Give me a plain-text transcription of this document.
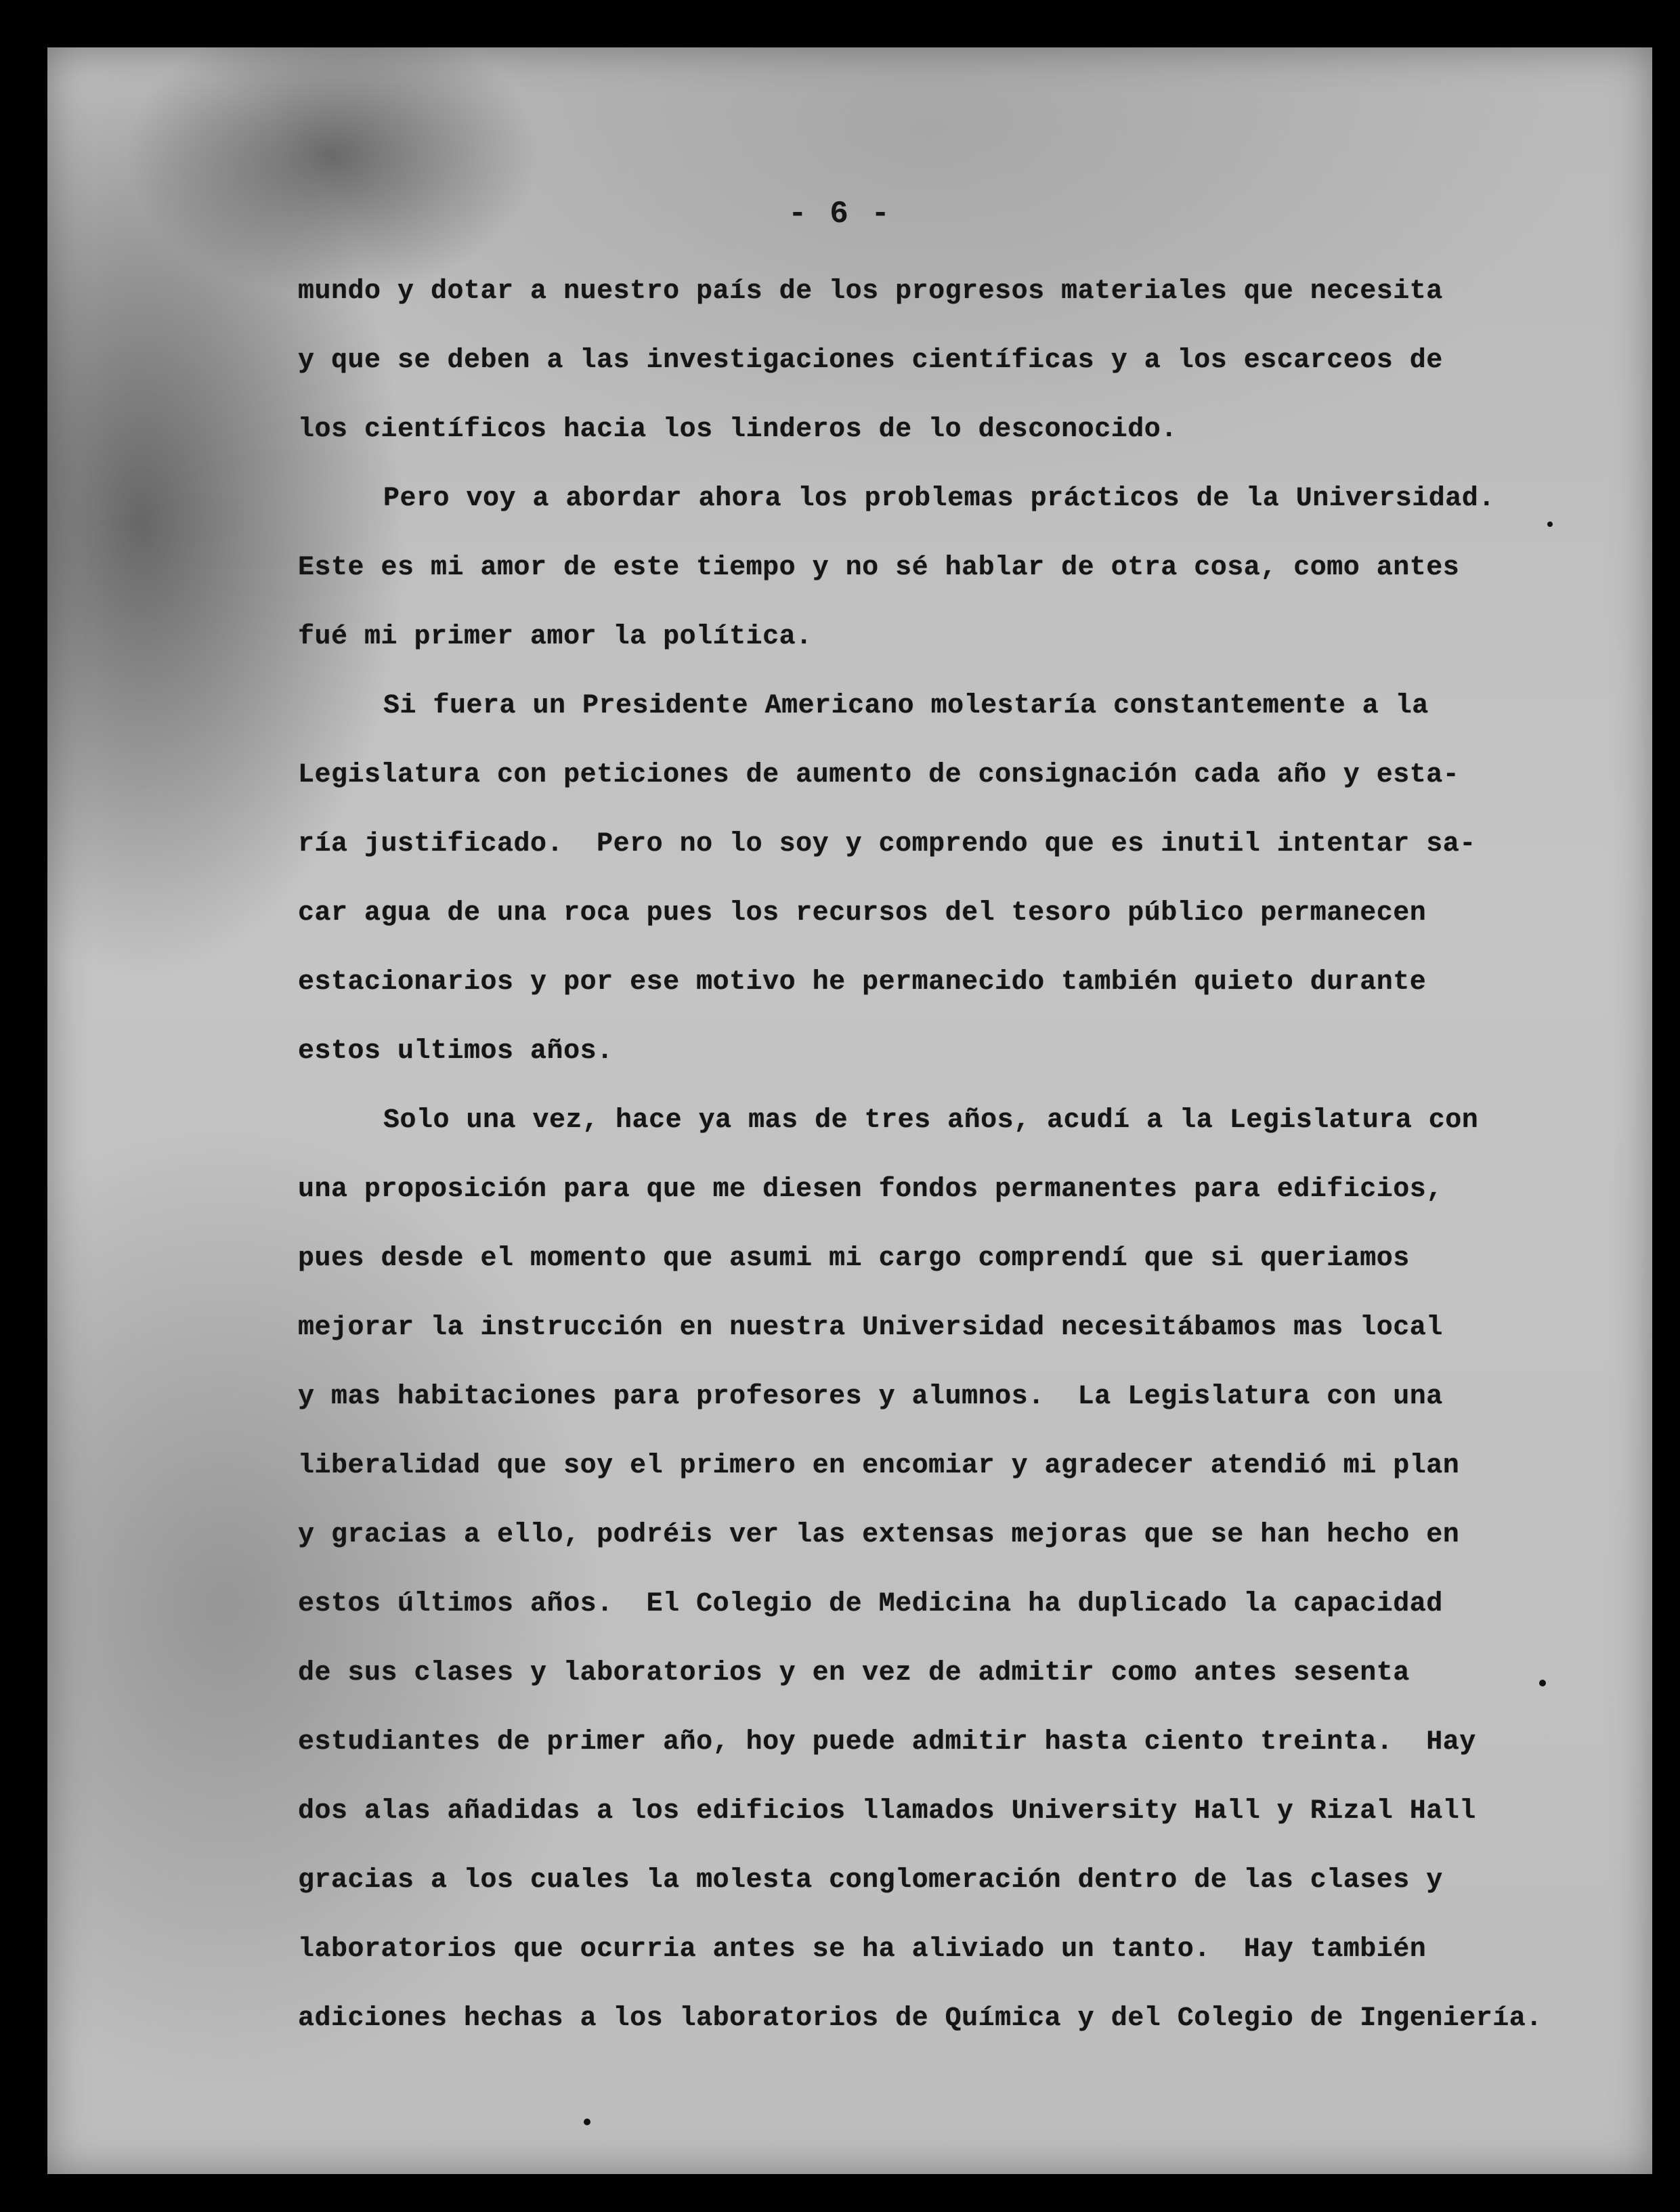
- 6 -
mundo y dotar a nuestro país de los progresos materiales que necesita
y que se deben a las investigaciones científicas y a los escarceos de
los científicos hacia los linderos de lo desconocido.
Pero voy a abordar ahora los problemas prácticos de la Universidad.
Este es mi amor de este tiempo y no sé hablar de otra cosa, como antes
fué mi primer amor la política.
Si fuera un Presidente Americano molestaría constantemente a la
Legislatura con peticiones de aumento de consignación cada año y esta-
ría justificado.  Pero no lo soy y comprendo que es inutil intentar sa-
car agua de una roca pues los recursos del tesoro público permanecen
estacionarios y por ese motivo he permanecido también quieto durante
estos ultimos años.
Solo una vez, hace ya mas de tres años, acudí a la Legislatura con
una proposición para que me diesen fondos permanentes para edificios,
pues desde el momento que asumi mi cargo comprendí que si queriamos
mejorar la instrucción en nuestra Universidad necesitábamos mas local
y mas habitaciones para profesores y alumnos.  La Legislatura con una
liberalidad que soy el primero en encomiar y agradecer atendió mi plan
y gracias a ello, podréis ver las extensas mejoras que se han hecho en
estos últimos años.  El Colegio de Medicina ha duplicado la capacidad
de sus clases y laboratorios y en vez de admitir como antes sesenta
estudiantes de primer año, hoy puede admitir hasta ciento treinta.  Hay
dos alas añadidas a los edificios llamados University Hall y Rizal Hall
gracias a los cuales la molesta conglomeración dentro de las clases y
laboratorios que ocurria antes se ha aliviado un tanto.  Hay también
adiciones hechas a los laboratorios de Química y del Colegio de Ingeniería.
